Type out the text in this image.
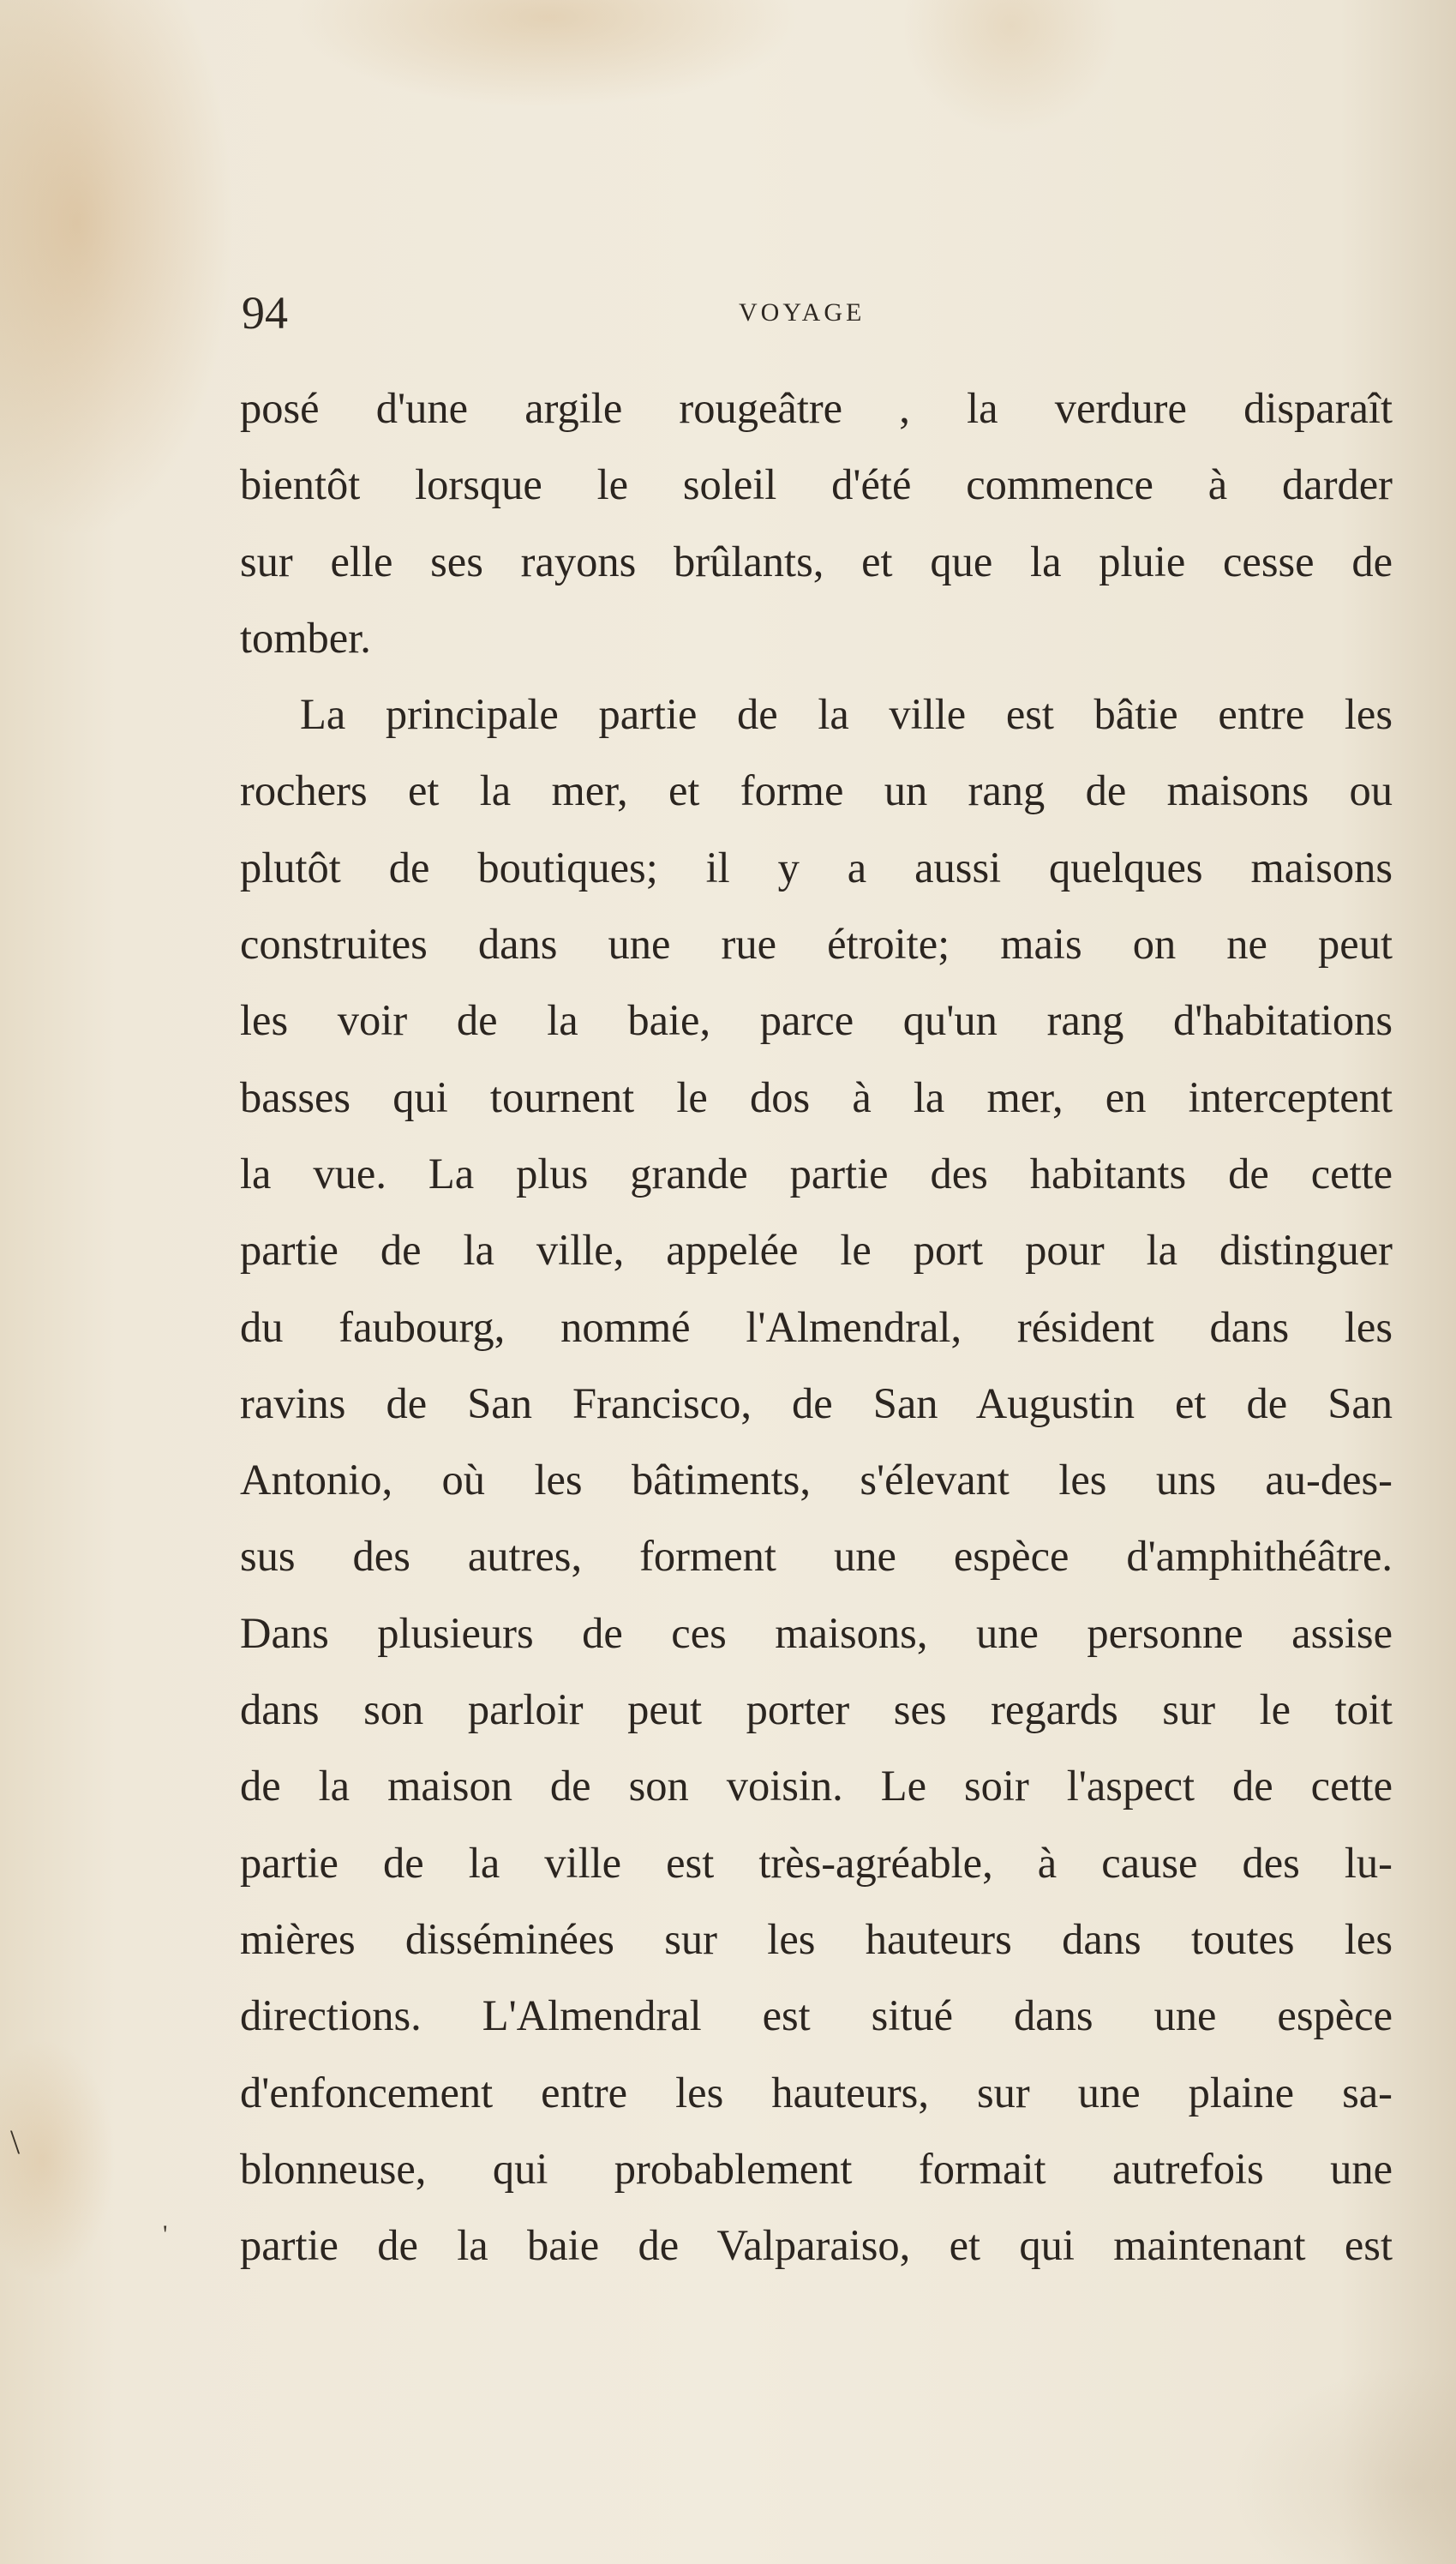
94	VOYAGE
posé d'une argile rougeâtre , la verdure disparaît
bientôt lorsque le soleil d'été commence à darder
sur elle ses rayons brûlants, et que la pluie cesse de
tomber.
La principale partie de la ville est bâtie entre les
rochers et la mer, et forme un rang de maisons ou
plutôt de boutiques; il y a aussi quelques maisons
construites dans une rue étroite; mais on ne peut
les voir de la baie, parce qu'un rang d'habitations
basses qui tournent le dos à la mer, en interceptent
la vue. La plus grande partie des habitants de cette
partie de la ville, appelée le port pour la distinguer
du faubourg, nommé l'Almendral, résident dans les
ravins de San Francisco, de San Augustin et de San
Antonio, où les bâtiments, s'élevant les uns au-des-
sus des autres, forment une espèce d'amphithéâtre.
Dans plusieurs de ces maisons, une personne assise
dans son parloir peut porter ses regards sur le toit
de la maison de son voisin. Le soir l'aspect de cette
partie de la ville est très-agréable, à cause des lu-
mières disséminées sur les hauteurs dans toutes les
directions. L'Almendral est situé dans une espèce
d'enfoncement entre les hauteurs, sur une plaine sa-
blonneuse, qui probablement formait autrefois une
partie de la baie de Valparaiso, et qui maintenant est
\
'
